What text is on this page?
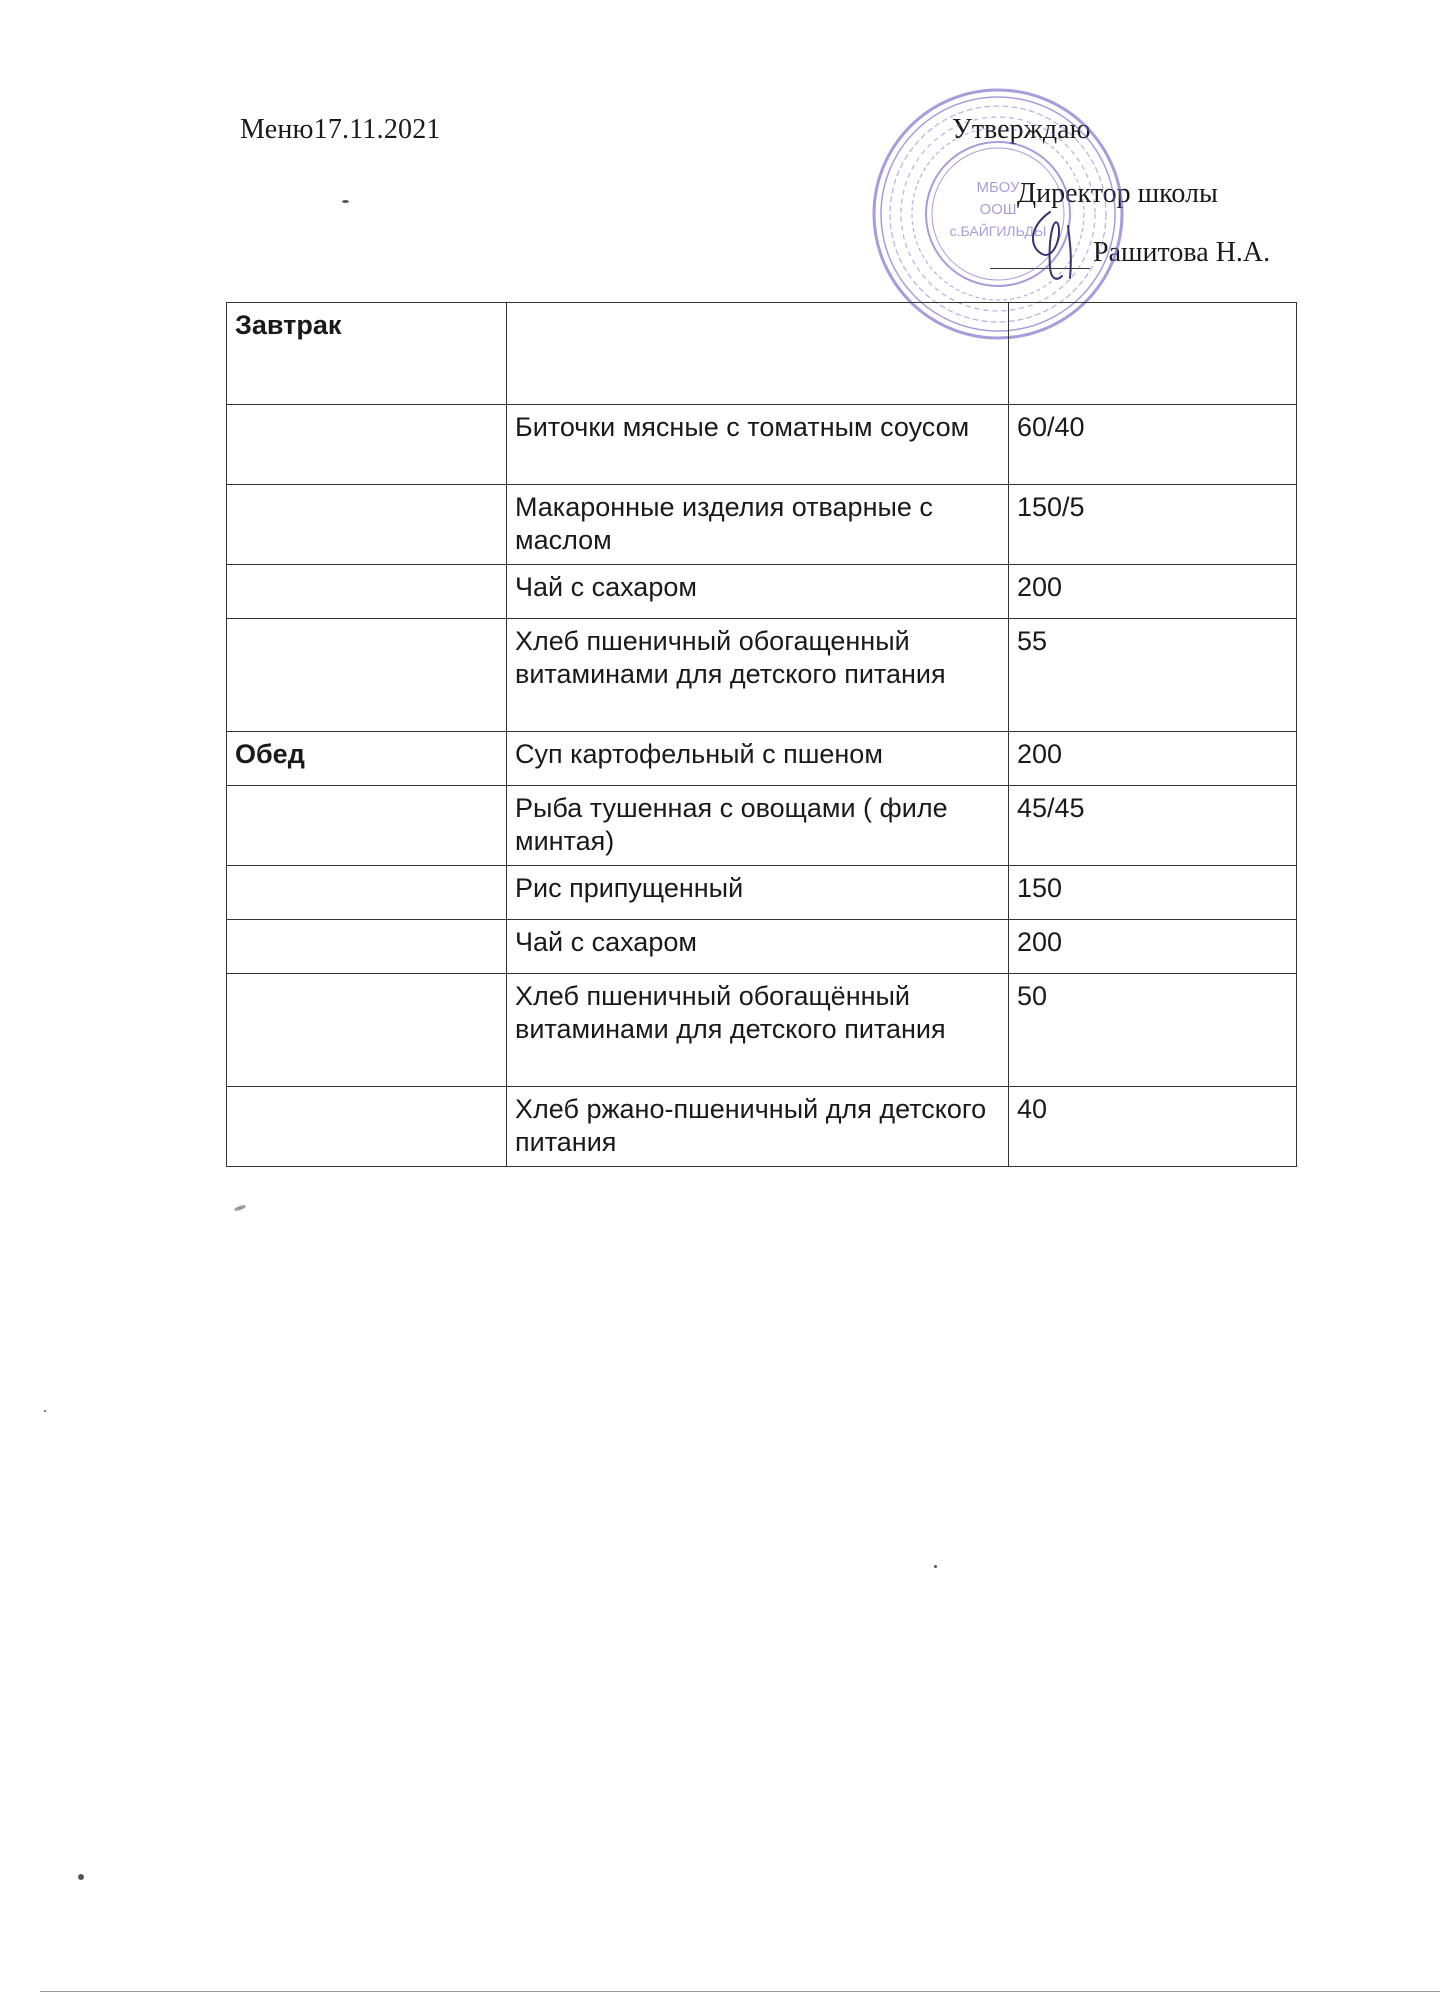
Меню17.11.2021	Утверждаю
Директор школы
Рашитова Н.А.
МБОУ
ООШ
с.БАЙГИЛЬДЫ
Завтрак		
	Биточки мясные с томатным соусом	60/40
	Макаронные изделия отварные с маслом	150/5
	Чай с сахаром	200
	Хлеб пшеничный обогащенный витаминами для детского питания	55
Обед	Суп картофельный с пшеном	200
	Рыба тушенная с овощами ( филе минтая)	45/45
	Рис припущенный	150
	Чай с сахаром	200
	Хлеб пшеничный обогащённый витаминами для детского питания	50
	Хлеб ржано-пшеничный для детского питания	40
